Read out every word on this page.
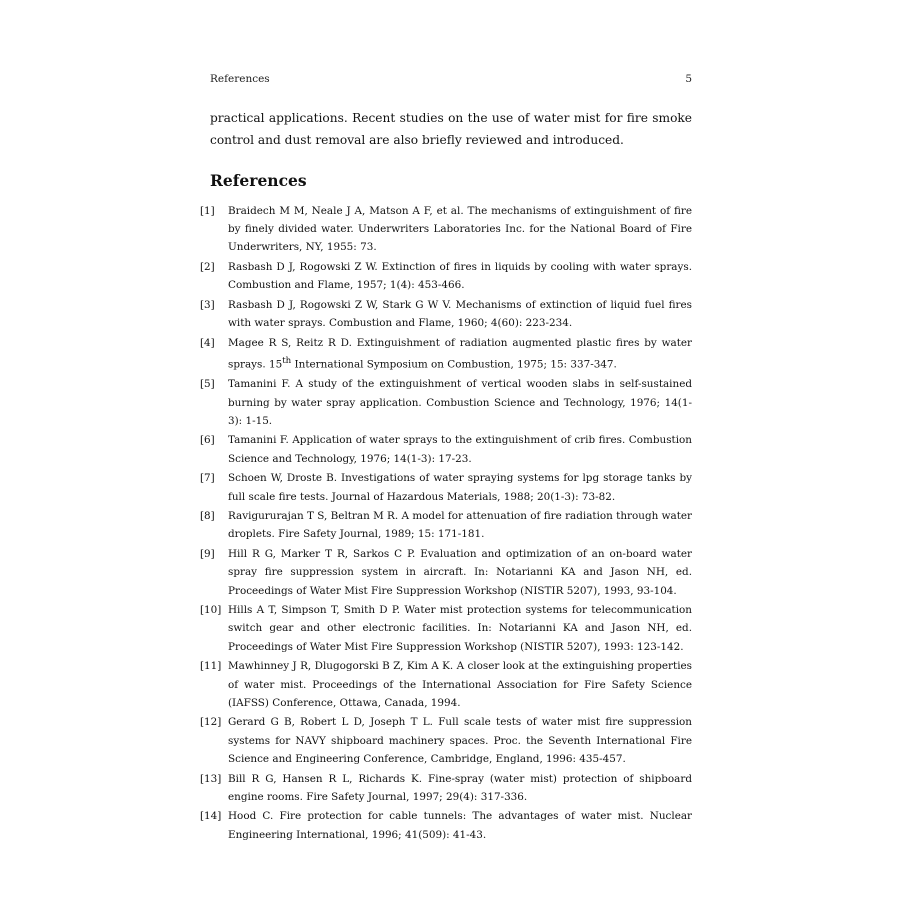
References	5

practical applications. Recent studies on the use of water mist for fire smoke control and dust removal are also briefly reviewed and introduced.

References
[1]	Braidech M M, Neale J A, Matson A F, et al. The mechanisms of extinguishment of fire by finely divided water. Underwriters Laboratories Inc. for the National Board of Fire Underwriters, NY, 1955: 73.
[2]	Rasbash D J, Rogowski Z W. Extinction of fires in liquids by cooling with water sprays. Combustion and Flame, 1957; 1(4): 453-466.
[3]	Rasbash D J, Rogowski Z W, Stark G W V. Mechanisms of extinction of liquid fuel fires with water sprays. Combustion and Flame, 1960; 4(60): 223-234.
[4]	Magee R S, Reitz R D. Extinguishment of radiation augmented plastic fires by water sprays. 15th International Symposium on Combustion, 1975; 15: 337-347.
[5]	Tamanini F. A study of the extinguishment of vertical wooden slabs in self-sustained burning by water spray application. Combustion Science and Technology, 1976; 14(1-3): 1-15.
[6]	Tamanini F. Application of water sprays to the extinguishment of crib fires. Combustion Science and Technology, 1976; 14(1-3): 17-23.
[7]	Schoen W, Droste B. Investigations of water spraying systems for lpg storage tanks by full scale fire tests. Journal of Hazardous Materials, 1988; 20(1-3): 73-82.
[8]	Ravigururajan T S, Beltran M R. A model for attenuation of fire radiation through water droplets. Fire Safety Journal, 1989; 15: 171-181.
[9]	Hill R G, Marker T R, Sarkos C P. Evaluation and optimization of an on-board water spray fire suppression system in aircraft. In: Notarianni KA and Jason NH, ed. Proceedings of Water Mist Fire Suppression Workshop (NISTIR 5207), 1993, 93-104.
[10] Hills A T, Simpson T, Smith D P. Water mist protection systems for telecommunication switch gear and other electronic facilities. In: Notarianni KA and Jason NH, ed. Proceedings of Water Mist Fire Suppression Workshop (NISTIR 5207), 1993: 123-142.
[11] Mawhinney J R, Dlugogorski B Z, Kim A K. A closer look at the extinguishing properties of water mist. Proceedings of the International Association for Fire Safety Science (IAFSS) Conference, Ottawa, Canada, 1994.
[12] Gerard G B, Robert L D, Joseph T L. Full scale tests of water mist fire suppression systems for NAVY shipboard machinery spaces. Proc. the Seventh International Fire Science and Engineering Conference, Cambridge, England, 1996: 435-457.
[13] Bill R G, Hansen R L, Richards K. Fine-spray (water mist) protection of shipboard engine rooms. Fire Safety Journal, 1997; 29(4): 317-336.
[14] Hood C. Fire protection for cable tunnels: The advantages of water mist. Nuclear Engineering International, 1996; 41(509): 41-43.
